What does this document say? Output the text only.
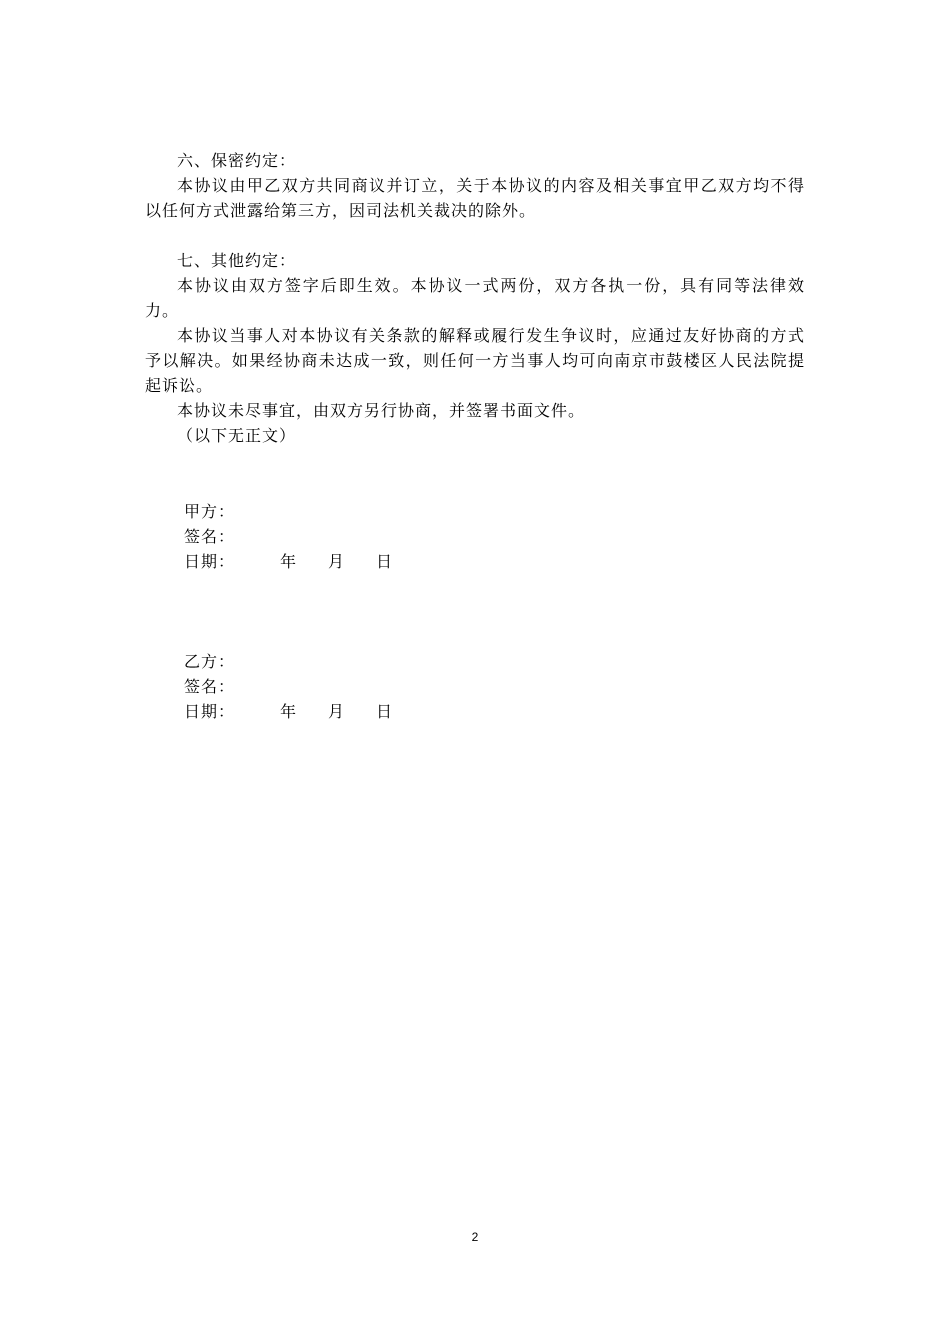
六、保密约定：

本协议由甲乙双方共同商议并订立，关于本协议的内容及相关事宜甲乙双方均不得以任何方式泄露给第三方，因司法机关裁决的除外。

七、其他约定：

本协议由双方签字后即生效。本协议一式两份，双方各执一份，具有同等法律效力。

本协议当事人对本协议有关条款的解释或履行发生争议时，应通过友好协商的方式予以解决。如果经协商未达成一致，则任何一方当事人均可向南京市鼓楼区人民法院提起诉讼。

本协议未尽事宜，由双方另行协商，并签署书面文件。

（以下无正文）

甲方：
签名：
日期：	年 月 日
乙方：
签名：
日期：	年 月 日
2
